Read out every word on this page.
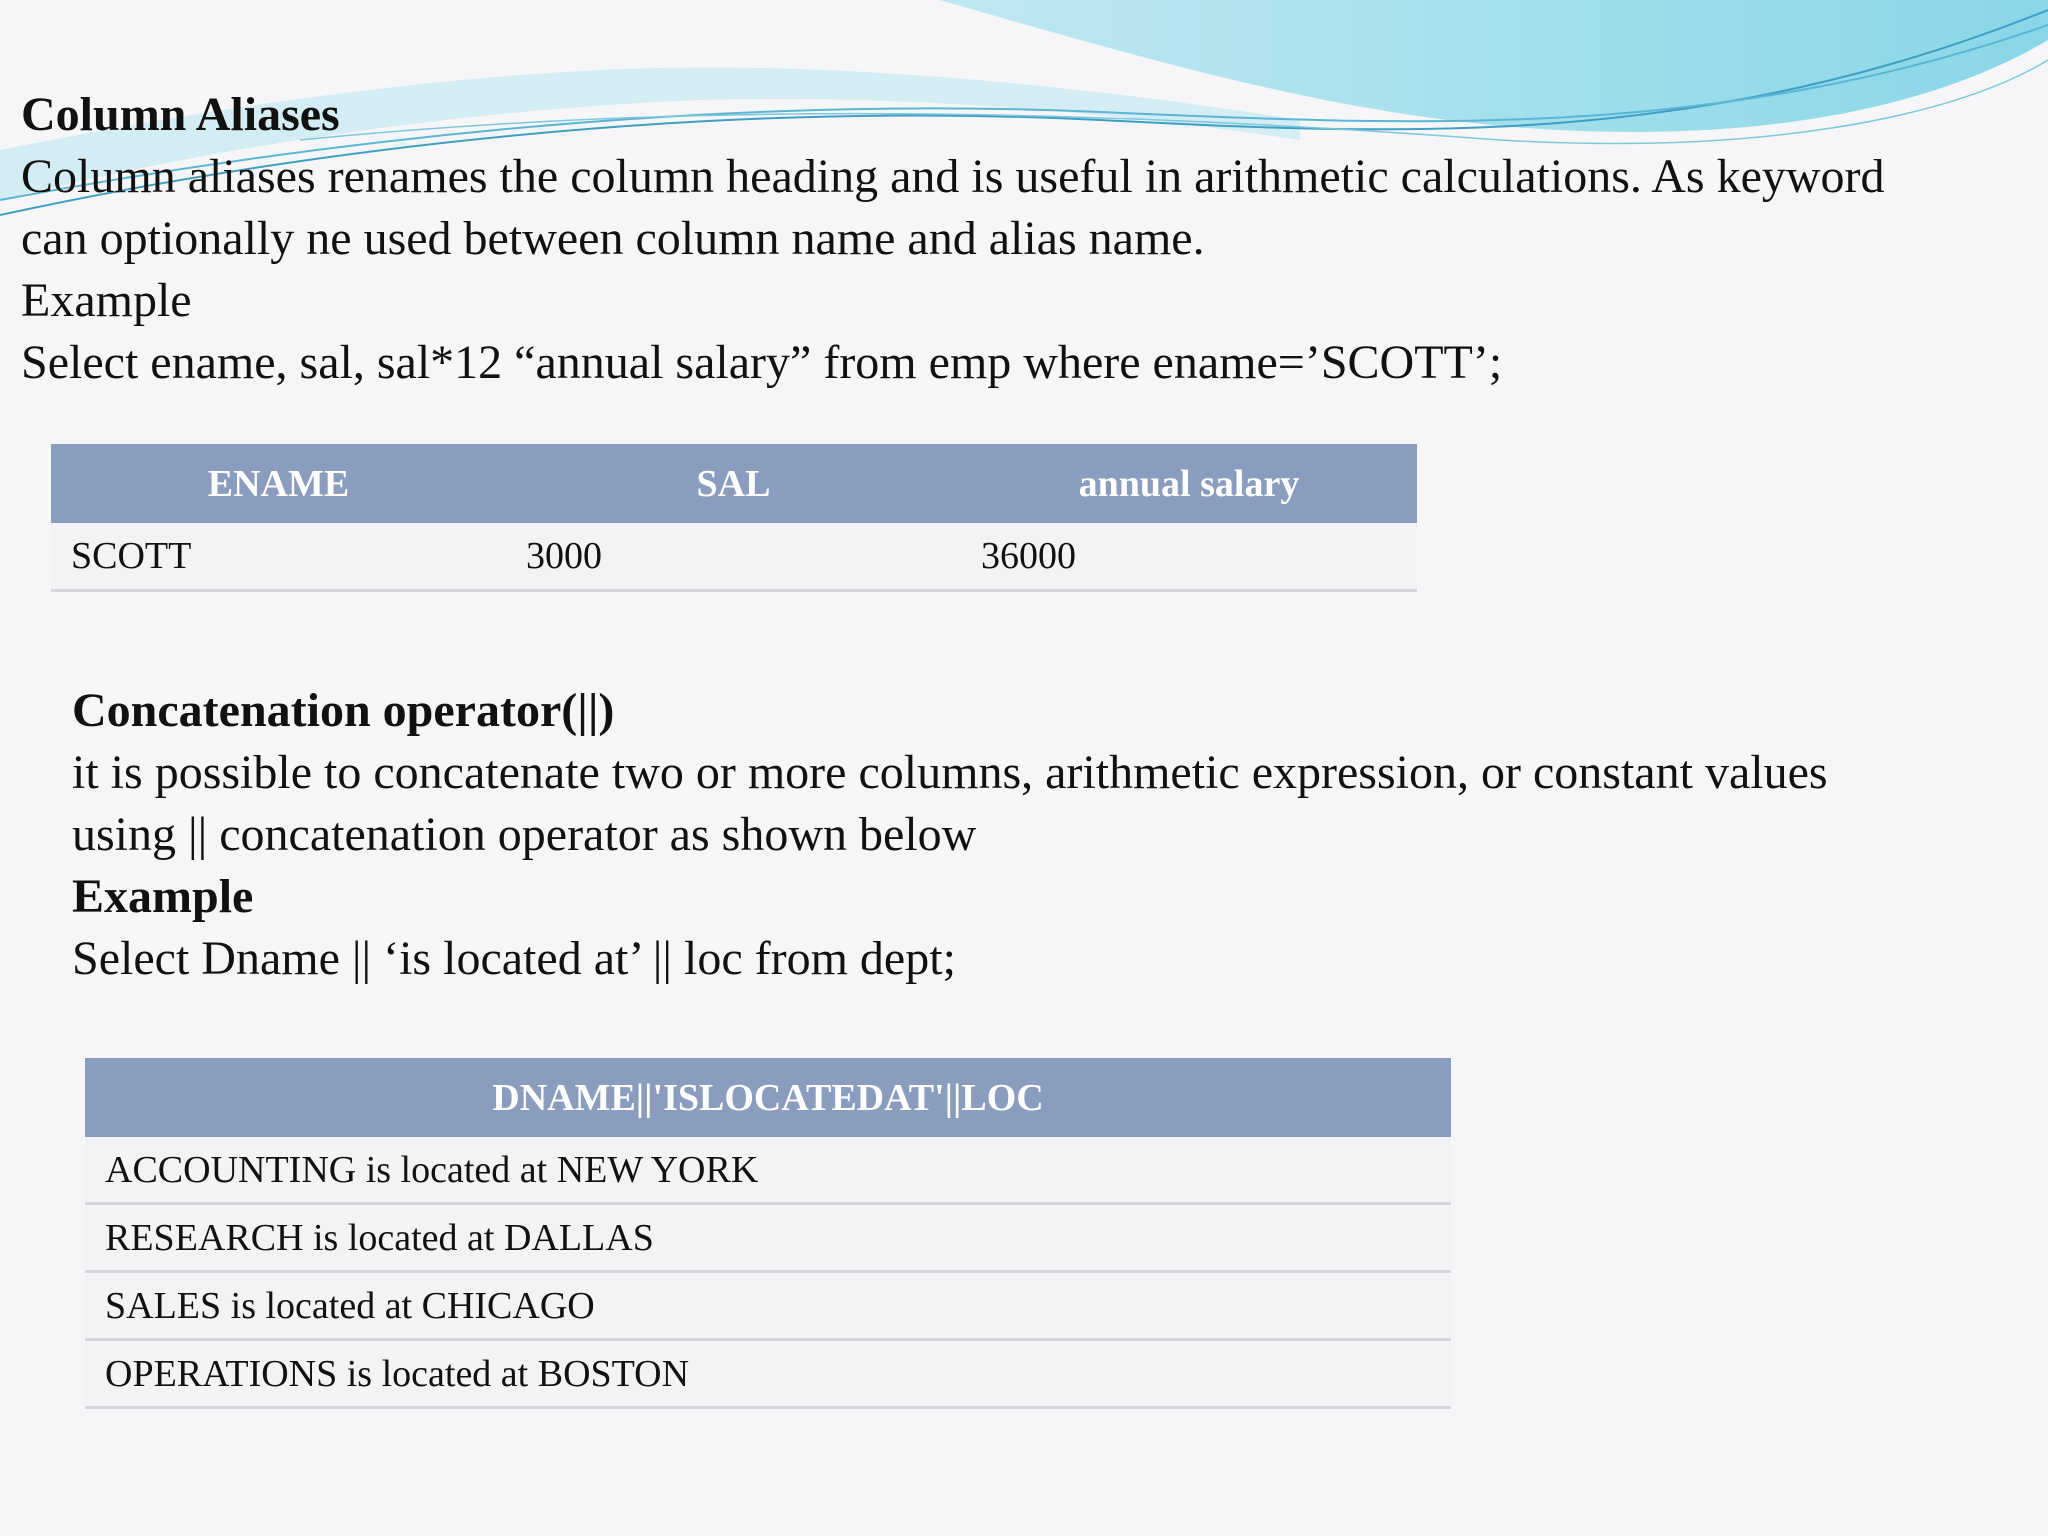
Column Aliases
Column aliases renames the column heading and is useful in arithmetic calculations. As keyword
can optionally ne used between column name and alias name.
Example
Select ename, sal, sal*12 “annual salary” from emp where ename=’SCOTT’;
ENAME	SAL	annual salary
SCOTT	3000	36000
Concatenation operator(||)
it is possible to concatenate two or more columns, arithmetic expression, or constant values
using || concatenation operator as shown below
Example
Select Dname || ‘is located at’ || loc from dept;
DNAME||'ISLOCATEDAT'||LOC
ACCOUNTING is located at NEW YORK
RESEARCH is located at DALLAS
SALES is located at CHICAGO
OPERATIONS is located at BOSTON
